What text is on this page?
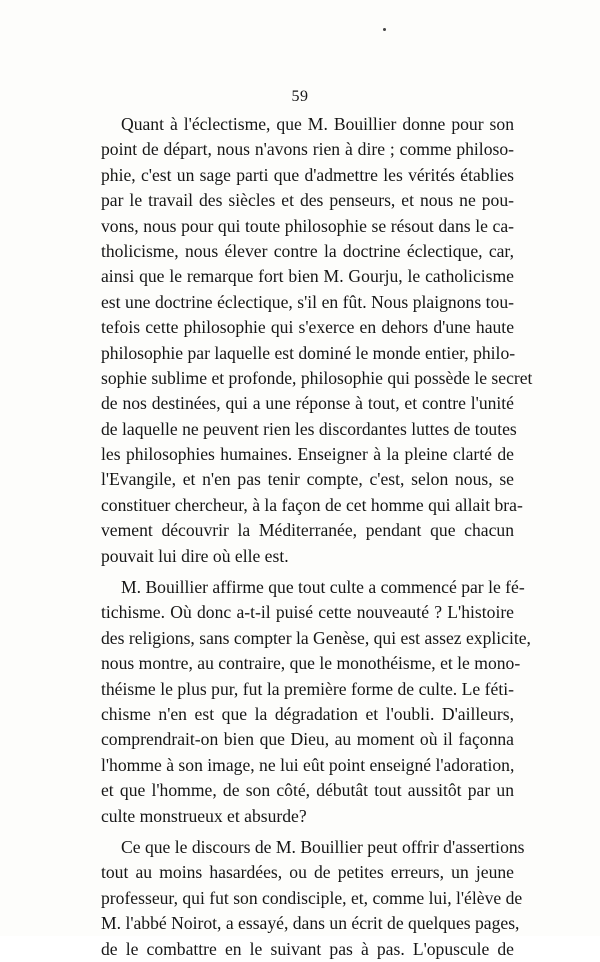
59
Quant à l'éclectisme, que M. Bouillier donne pour son
point de départ, nous n'avons rien à dire ; comme philoso-
phie, c'est un sage parti que d'admettre les vérités établies
par le travail des siècles et des penseurs, et nous ne pou-
vons, nous pour qui toute philosophie se résout dans le ca-
tholicisme, nous élever contre la doctrine éclectique, car,
ainsi que le remarque fort bien M. Gourju, le catholicisme
est une doctrine éclectique, s'il en fût. Nous plaignons tou-
tefois cette philosophie qui s'exerce en dehors d'une haute
philosophie par laquelle est dominé le monde entier, philo-
sophie sublime et profonde, philosophie qui possède le secret
de nos destinées, qui a une réponse à tout, et contre l'unité
de laquelle ne peuvent rien les discordantes luttes de toutes
les philosophies humaines. Enseigner à la pleine clarté de
l'Evangile, et n'en pas tenir compte, c'est, selon nous, se
constituer chercheur, à la façon de cet homme qui allait bra-
vement découvrir la Méditerranée, pendant que chacun
pouvait lui dire où elle est.
M. Bouillier affirme que tout culte a commencé par le fé-
tichisme. Où donc a-t-il puisé cette nouveauté ? L'histoire
des religions, sans compter la Genèse, qui est assez explicite,
nous montre, au contraire, que le monothéisme, et le mono-
théisme le plus pur, fut la première forme de culte. Le féti-
chisme n'en est que la dégradation et l'oubli. D'ailleurs,
comprendrait-on bien que Dieu, au moment où il façonna
l'homme à son image, ne lui eût point enseigné l'adoration,
et que l'homme, de son côté, débutât tout aussitôt par un
culte monstrueux et absurde?
Ce que le discours de M. Bouillier peut offrir d'assertions
tout au moins hasardées, ou de petites erreurs, un jeune
professeur, qui fut son condisciple, et, comme lui, l'élève de
M. l'abbé Noirot, a essayé, dans un écrit de quelques pages,
de le combattre en le suivant pas à pas. L'opuscule de
